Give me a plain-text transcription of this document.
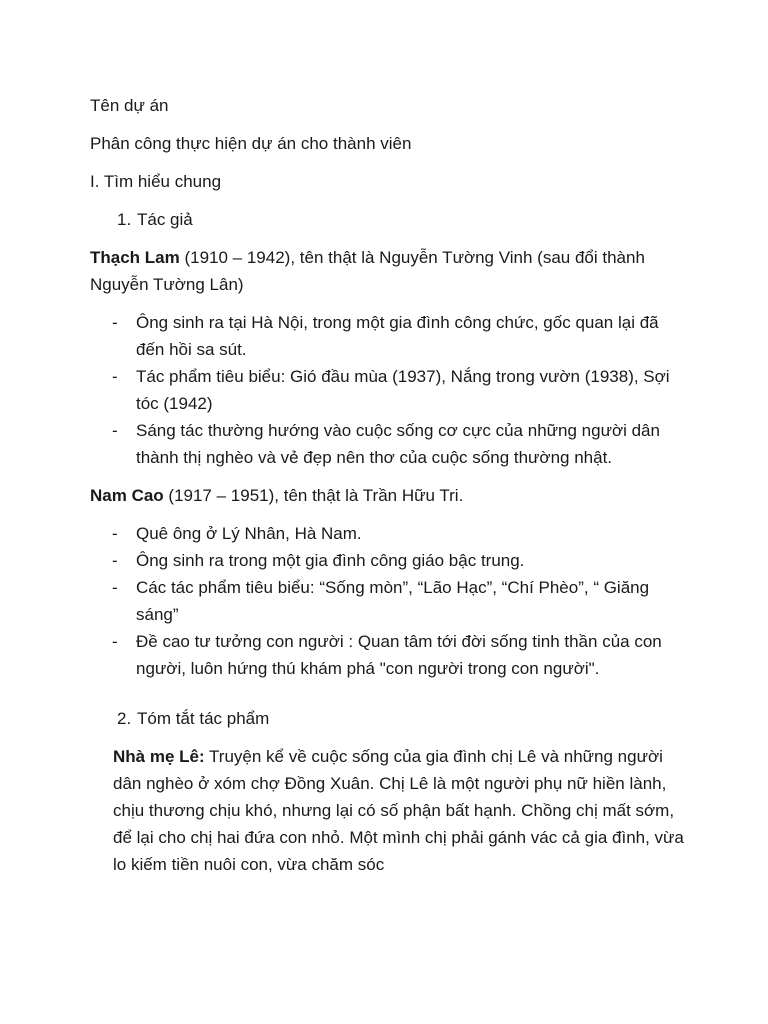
Tên dự án

Phân công thực hiện dự án cho thành viên

I. Tìm hiểu chung

1. Tác giả

Thạch Lam (1910 – 1942), tên thật là Nguyễn Tường Vinh (sau đổi thành Nguyễn Tường Lân)

-	Ông sinh ra tại Hà Nội, trong một gia đình công chức, gốc quan lại đã đến hồi sa sút.
-	Tác phẩm tiêu biểu: Gió đầu mùa (1937), Nắng trong vườn (1938), Sợi tóc (1942)
-	Sáng tác thường hướng vào cuộc sống cơ cực của những người dân thành thị nghèo và vẻ đẹp nên thơ của cuộc sống thường nhật.

Nam Cao (1917 – 1951), tên thật là Trần Hữu Tri.

-	Quê ông ở Lý Nhân, Hà Nam.
-	Ông sinh ra trong một gia đình công giáo bậc trung.
-	Các tác phẩm tiêu biểu: “Sống mòn”, “Lão Hạc”, “Chí Phèo”, “ Giăng sáng”
-	Đề cao tư tưởng con người : Quan tâm tới đời sống tinh thần của con người, luôn hứng thú khám phá "con người trong con người".
2. Tóm tắt tác phẩm

Nhà mẹ Lê: Truyện kể về cuộc sống của gia đình chị Lê và những người dân nghèo ở xóm chợ Đồng Xuân. Chị Lê là một người phụ nữ hiền lành, chịu thương chịu khó, nhưng lại có số phận bất hạnh. Chồng chị mất sớm, để lại cho chị hai đứa con nhỏ. Một mình chị phải gánh vác cả gia đình, vừa lo kiếm tiền nuôi con, vừa chăm sóc
